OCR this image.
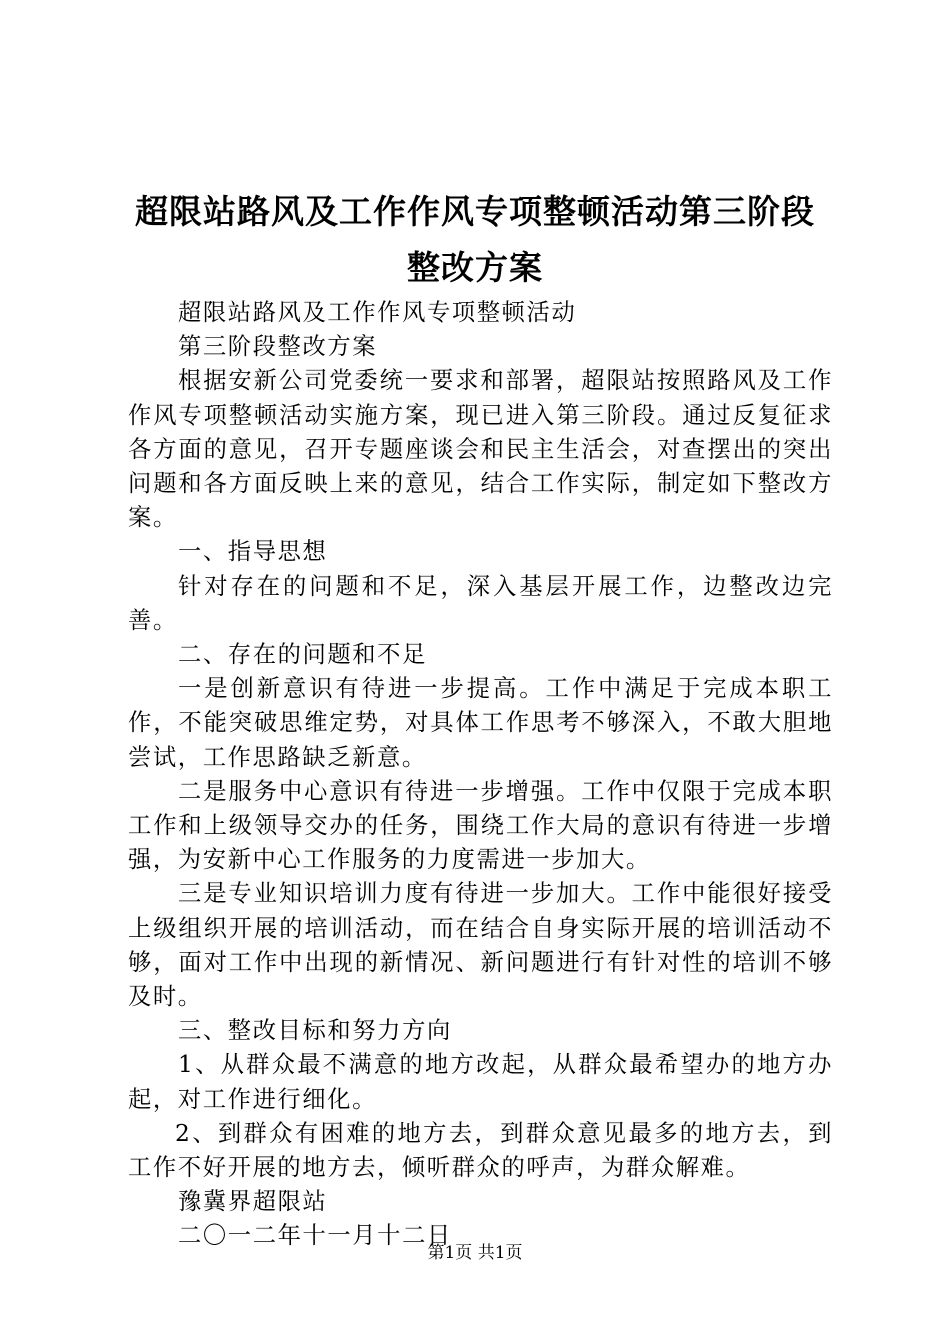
超限站路风及工作作风专项整顿活动第三阶段
整改方案

超限站路风及工作作风专项整顿活动

第三阶段整改方案

根据安新公司党委统一要求和部署，超限站按照路风及工作作风专项整顿活动实施方案，现已进入第三阶段。通过反复征求各方面的意见，召开专题座谈会和民主生活会，对查摆出的突出问题和各方面反映上来的意见，结合工作实际，制定如下整改方案。

一、指导思想

针对存在的问题和不足，深入基层开展工作，边整改边完善。

二、存在的问题和不足

一是创新意识有待进一步提高。工作中满足于完成本职工作，不能突破思维定势，对具体工作思考不够深入，不敢大胆地尝试，工作思路缺乏新意。

二是服务中心意识有待进一步增强。工作中仅限于完成本职工作和上级领导交办的任务，围绕工作大局的意识有待进一步增强，为安新中心工作服务的力度需进一步加大。

三是专业知识培训力度有待进一步加大。工作中能很好接受上级组织开展的培训活动，而在结合自身实际开展的培训活动不够，面对工作中出现的新情况、新问题进行有针对性的培训不够及时。

三、整改目标和努力方向

1、从群众最不满意的地方改起，从群众最希望办的地方办起，对工作进行细化。

2、到群众有困难的地方去，到群众意见最多的地方去，到工作不好开展的地方去，倾听群众的呼声，为群众解难。

豫冀界超限站

二〇一二年十一月十二日

第1页 共1页
